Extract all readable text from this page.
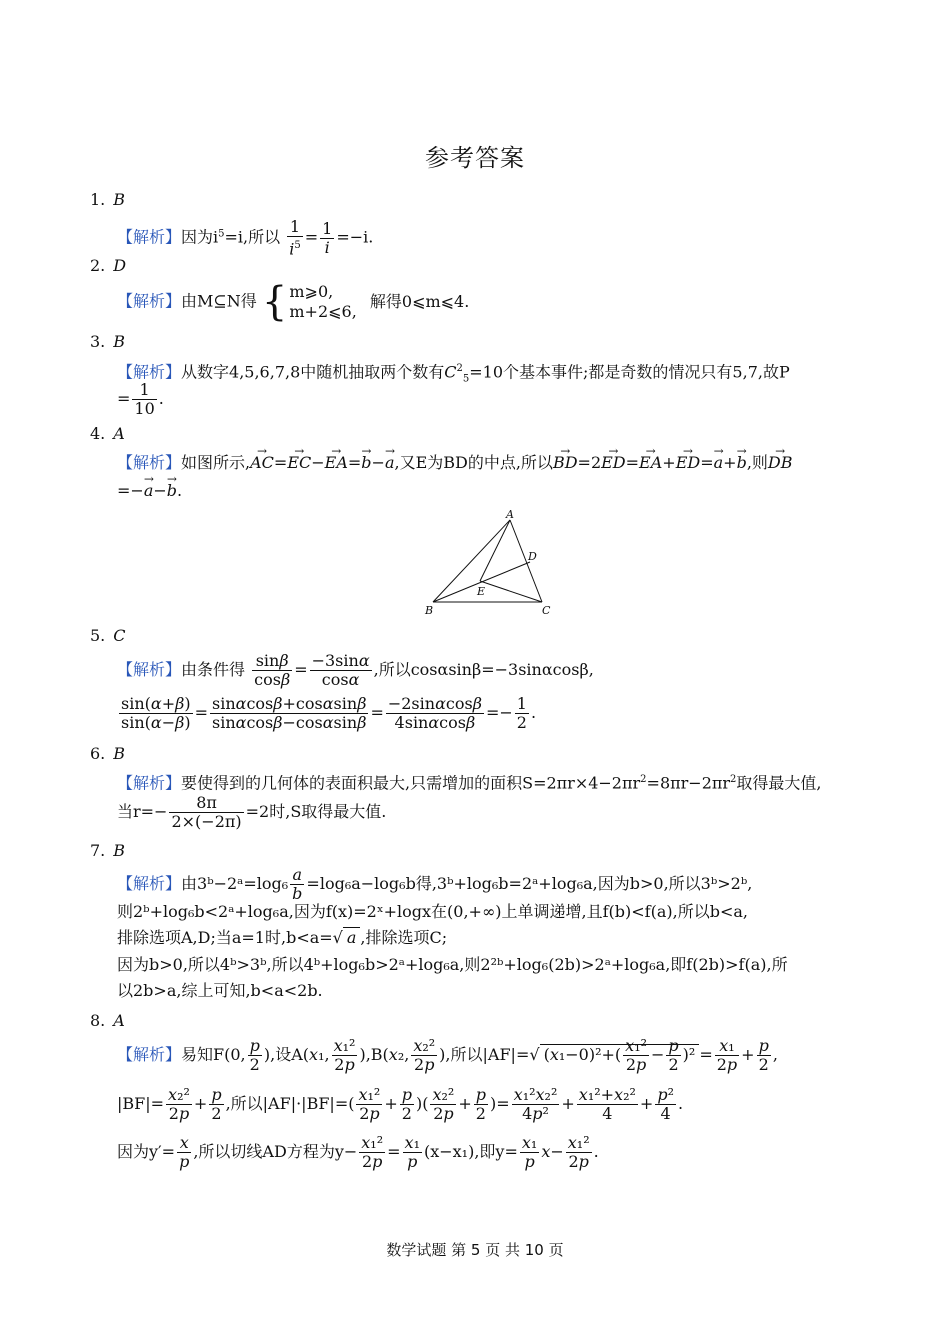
参考答案
1. B
【解析】因为$i^5=i$,所以 $\frac{1}{i^5} = \frac{1}{i} =-i$.
2. D
【解析】由M⊆N得 { m⩾0,
m+2⩽6,
解得0⩽m⩽4.
3. B
【解析】从数字4,5,6,7,8中随机抽取两个数有$C^2_5=10$个基本事件;都是奇数的情况只有5,7,故P
= $\frac{1}{10}$ .
4. A
【解析】如图所示,→ AC=→ EC−→ EA=→ b−→ a,又E为BD的中点,所以→ BD=2→ ED=→ EA+→ ED=→ a+→ b,则→ DB
=−→ a−→ b.
A
B	C
D
E
5. C
【解析】由条件得 $\frac{\sin\beta}{\cos\beta} = \frac{-3\sin\alpha}{\cos\alpha}$ ,所以cosαsinβ=−3sinαcosβ,
$\frac{\sin(\alpha+\beta)}{\sin(\alpha-\beta)} = \frac{\sin\alpha\cos\beta+\cos\alpha\sin\beta}{\sin\alpha\cos\beta-\cos\alpha\sin\beta} = \frac{-2\sin\alpha\cos\beta}{4\sin\alpha\cos\beta} =- \frac{1}{2}$ .
6. B
【解析】要使得到的几何体的表面积最大,只需增加的面积$S=2\pi r\times 4-2\pi r^2=8\pi r-2\pi r^2$取得最大值,
当$r=- \frac{8\pi}{2\times(-2\pi)} =2$时,S取得最大值.
7. B
【解析】由3ᵇ−2ᵃ=log₆ $\frac{a}{b} =\log_6a-\log_6b$得,3ᵇ+log₆b=2ᵃ+log₆a,因为b>0,所以3ᵇ>2ᵇ,
则2ᵇ+log₆b<2ᵃ+log₆a,因为f(x)=2ˣ+logx在(0,+∞)上单调递增,且f(b)<f(a),所以b<a,
排除选项A,D;当a=1时,b<a=√ a ,排除选项C;
因为b>0,所以4ᵇ>3ᵇ,所以4ᵇ+log₆b>2ᵃ+log₆a,则2²ᵇ+log₆(2b)>2ᵃ+log₆a,即f(2b)>f(a),所
以2b>a,综上可知,b<a<2b.
8. A
【解析】易知F(0, $\frac{p}{2}$ ),设A(x₁, $\frac{\text{x₁²}}{2p} ),B(x_2$, $\frac{\text{x₂²}}{2p}$ ),所以|AF|=√ $(x_1-0)^2+( \frac{\text{x₁²}}{2p} - \frac{p}{2} )^2 = \frac{\text{x₁}}{2p} + \frac{p}{2}$ ,
$|BF|= \frac{\text{x₂²}}{2p} + \frac{p}{2}$ ,所以$|AF|\cdot|BF|=( \frac{\text{x₁²}}{2p} + \frac{p}{2}$ )( $\frac{\text{x₂²}}{2p} + \frac{p}{2}$ )= $\frac{\text{x₁²x₂²}}{\text{4p²}} + \frac{\text{x₁²+x₂²}}{4} + \frac{\text{p²}}{4}$ .
因为$y'= \frac{x}{p}$ ,所以切线AD方程为$y- \frac{\text{x₁²}}{2p} = \frac{\text{x₁}}{p} (x-x_1)$,即$y= \frac{\text{x₁}}{p} x- \frac{\text{x₁²}}{2p}$ .
数学试题 第 5 页 共 10 页
